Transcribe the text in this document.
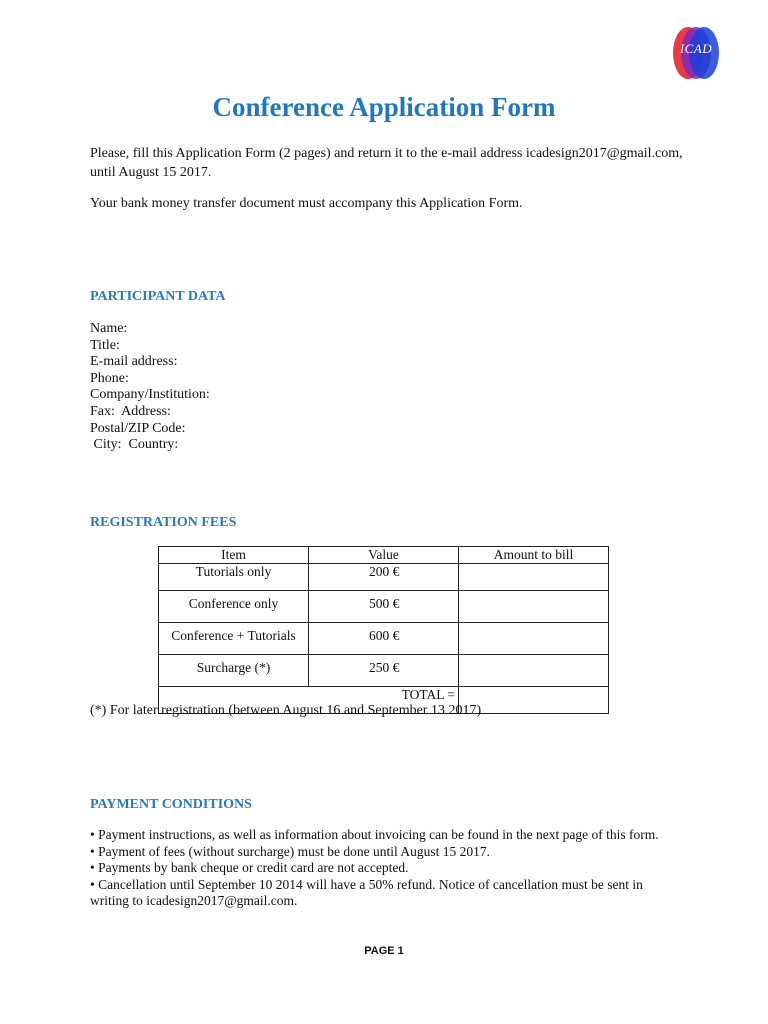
ICAD
Conference Application Form
Please, fill this Application Form (2 pages) and return it to the e-mail address icadesign2017@gmail.com,
until August 15 2017.
Your bank money transfer document must accompany this Application Form.
PARTICIPANT DATA
Name:
Title:
E-mail address:
Phone:
Company/Institution:
Fax:  Address:
Postal/ZIP Code:
City:  Country:
REGISTRATION FEES
Item	Value	Amount to bill
Tutorials only	200 €	
Conference only	500 €	
Conference + Tutorials	600 €	
Surcharge (*)	250 €	
TOTAL =		
(*) For later registration (between August 16 and September 13 2017)
PAYMENT CONDITIONS
• Payment instructions, as well as information about invoicing can be found in the next page of this form.
• Payment of fees (without surcharge) must be done until August 15 2017.
• Payments by bank cheque or credit card are not accepted.
• Cancellation until September 10 2014 will have a 50% refund. Notice of cancellation must be sent in
writing to icadesign2017@gmail.com.
PAGE 1
